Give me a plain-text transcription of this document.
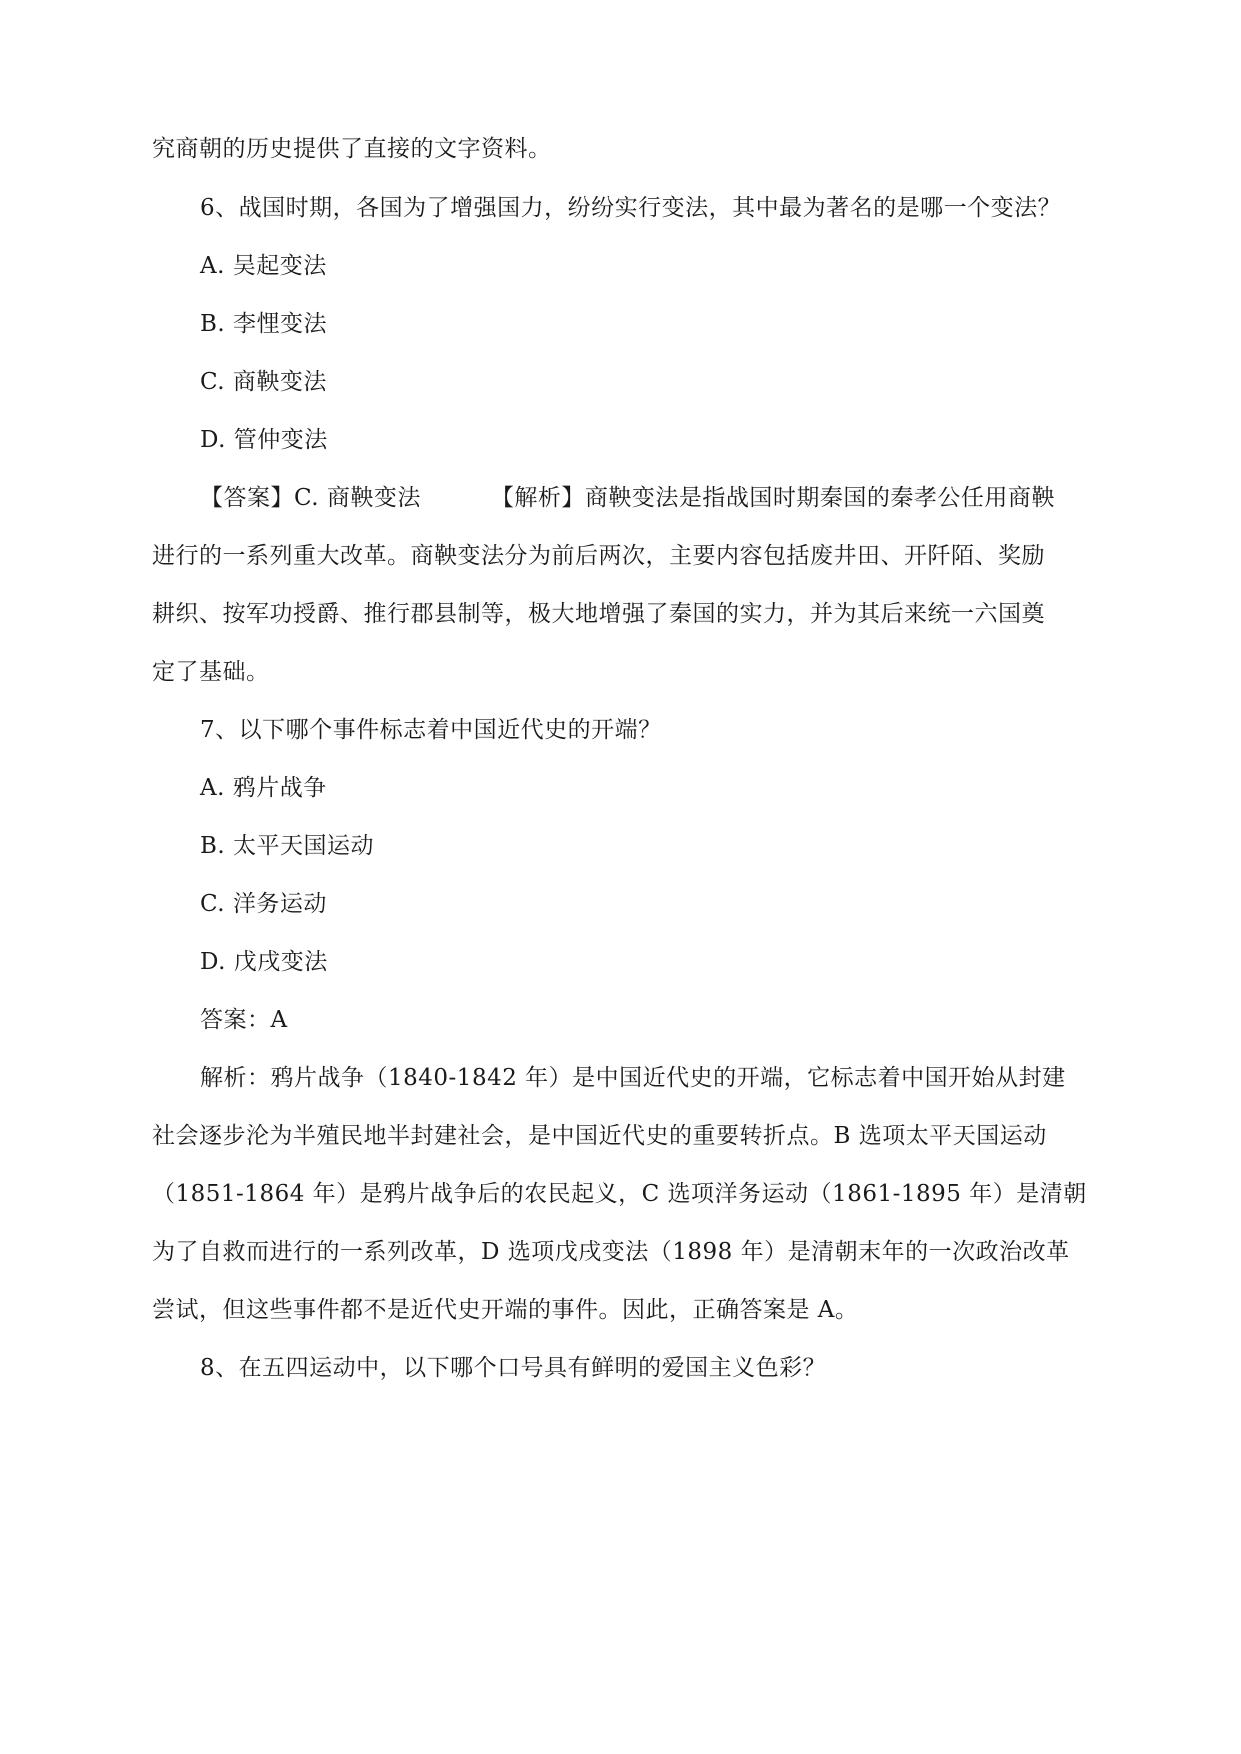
究商朝的历史提供了直接的文字资料。
6、战国时期，各国为了增强国力，纷纷实行变法，其中最为著名的是哪一个变法？
A. 吴起变法
B. 李悝变法
C. 商鞅变法
D. 管仲变法
【答案】C. 商鞅变法	【解析】商鞅变法是指战国时期秦国的秦孝公任用商鞅
进行的一系列重大改革。商鞅变法分为前后两次，主要内容包括废井田、开阡陌、奖励
耕织、按军功授爵、推行郡县制等，极大地增强了秦国的实力，并为其后来统一六国奠
定了基础。
7、以下哪个事件标志着中国近代史的开端？
A. 鸦片战争
B. 太平天国运动
C. 洋务运动
D. 戊戌变法
答案：A
解析：鸦片战争（1840-1842 年）是中国近代史的开端，它标志着中国开始从封建
社会逐步沦为半殖民地半封建社会，是中国近代史的重要转折点。B 选项太平天国运动
（1851-1864 年）是鸦片战争后的农民起义，C 选项洋务运动（1861-1895 年）是清朝
为了自救而进行的一系列改革，D 选项戊戌变法（1898 年）是清朝末年的一次政治改革
尝试，但这些事件都不是近代史开端的事件。因此，正确答案是 A。
8、在五四运动中，以下哪个口号具有鲜明的爱国主义色彩？
